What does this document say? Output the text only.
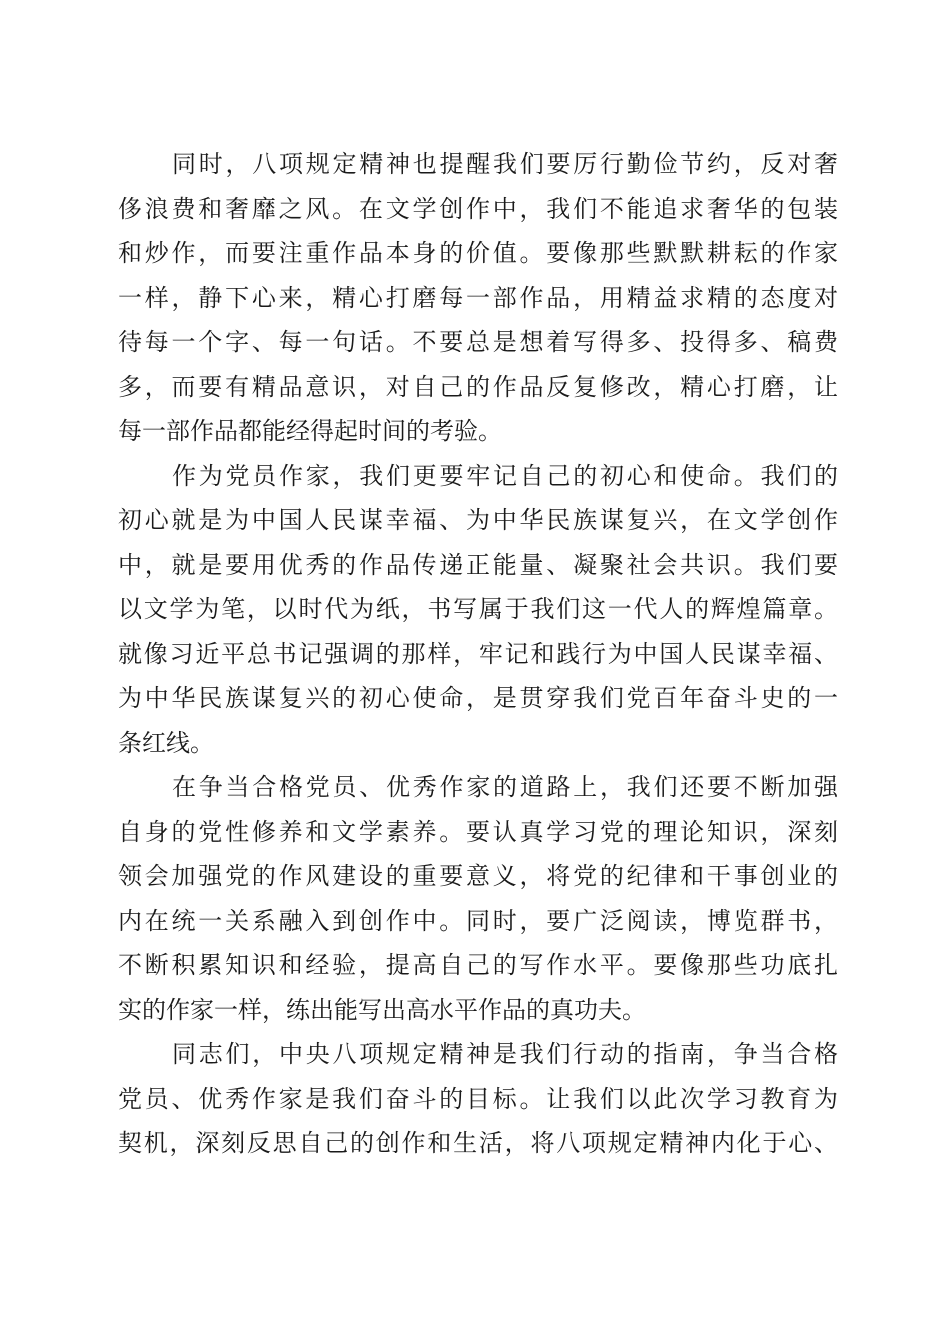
同时，八项规定精神也提醒我们要厉行勤俭节约，反对奢
侈浪费和奢靡之风。在文学创作中，我们不能追求奢华的包装
和炒作，而要注重作品本身的价值。要像那些默默耕耘的作家
一样，静下心来，精心打磨每一部作品，用精益求精的态度对
待每一个字、每一句话。不要总是想着写得多、投得多、稿费
多，而要有精品意识，对自己的作品反复修改，精心打磨，让
每一部作品都能经得起时间的考验。
作为党员作家，我们更要牢记自己的初心和使命。我们的
初心就是为中国人民谋幸福、为中华民族谋复兴，在文学创作
中，就是要用优秀的作品传递正能量、凝聚社会共识。我们要
以文学为笔，以时代为纸，书写属于我们这一代人的辉煌篇章。
就像习近平总书记强调的那样，牢记和践行为中国人民谋幸福、
为中华民族谋复兴的初心使命，是贯穿我们党百年奋斗史的一
条红线。
在争当合格党员、优秀作家的道路上，我们还要不断加强
自身的党性修养和文学素养。要认真学习党的理论知识，深刻
领会加强党的作风建设的重要意义，将党的纪律和干事创业的
内在统一关系融入到创作中。同时，要广泛阅读，博览群书，
不断积累知识和经验，提高自己的写作水平。要像那些功底扎
实的作家一样，练出能写出高水平作品的真功夫。
同志们，中央八项规定精神是我们行动的指南，争当合格
党员、优秀作家是我们奋斗的目标。让我们以此次学习教育为
契机，深刻反思自己的创作和生活，将八项规定精神内化于心、
